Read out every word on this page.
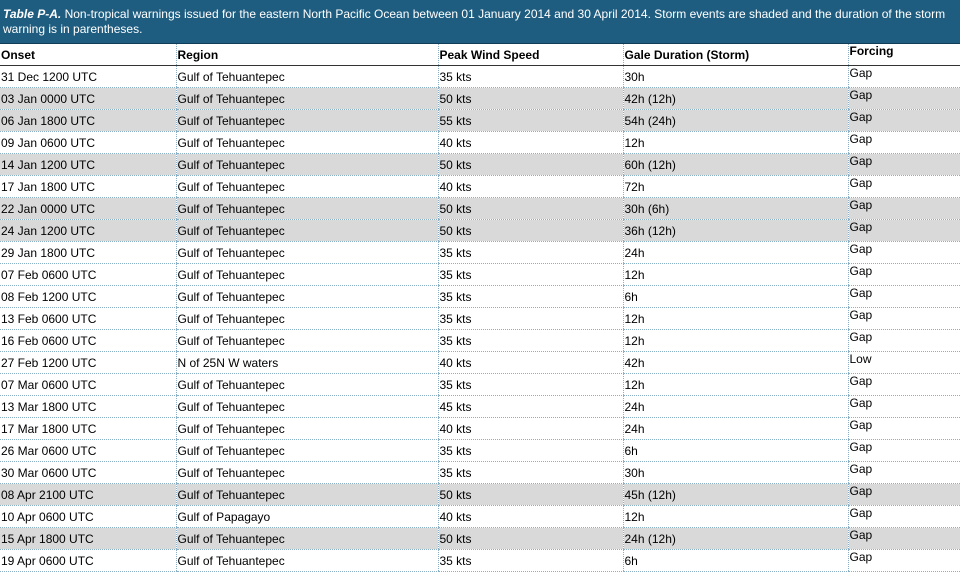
Table P-A. Non-tropical warnings issued for the eastern North Pacific Ocean between 01 January 2014 and 30 April 2014. Storm events are shaded and the duration of the storm warning is in parentheses.
Onset	Region	Peak Wind Speed	Gale Duration (Storm)	Forcing
31 Dec 1200 UTC	Gulf of Tehuantepec	35 kts	30h	Gap
03 Jan 0000 UTC	Gulf of Tehuantepec	50 kts	42h (12h)	Gap
06 Jan 1800 UTC	Gulf of Tehuantepec	55 kts	54h (24h)	Gap
09 Jan 0600 UTC	Gulf of Tehuantepec	40 kts	12h	Gap
14 Jan 1200 UTC	Gulf of Tehuantepec	50 kts	60h (12h)	Gap
17 Jan 1800 UTC	Gulf of Tehuantepec	40 kts	72h	Gap
22 Jan 0000 UTC	Gulf of Tehuantepec	50 kts	30h (6h)	Gap
24 Jan 1200 UTC	Gulf of Tehuantepec	50 kts	36h (12h)	Gap
29 Jan 1800 UTC	Gulf of Tehuantepec	35 kts	24h	Gap
07 Feb 0600 UTC	Gulf of Tehuantepec	35 kts	12h	Gap
08 Feb 1200 UTC	Gulf of Tehuantepec	35 kts	6h	Gap
13 Feb 0600 UTC	Gulf of Tehuantepec	35 kts	12h	Gap
16 Feb 0600 UTC	Gulf of Tehuantepec	35 kts	12h	Gap
27 Feb 1200 UTC	N of 25N W waters	40 kts	42h	Low
07 Mar 0600 UTC	Gulf of Tehuantepec	35 kts	12h	Gap
13 Mar 1800 UTC	Gulf of Tehuantepec	45 kts	24h	Gap
17 Mar 1800 UTC	Gulf of Tehuantepec	40 kts	24h	Gap
26 Mar 0600 UTC	Gulf of Tehuantepec	35 kts	6h	Gap
30 Mar 0600 UTC	Gulf of Tehuantepec	35 kts	30h	Gap
08 Apr 2100 UTC	Gulf of Tehuantepec	50 kts	45h (12h)	Gap
10 Apr 0600 UTC	Gulf of Papagayo	40 kts	12h	Gap
15 Apr 1800 UTC	Gulf of Tehuantepec	50 kts	24h (12h)	Gap
19 Apr 0600 UTC	Gulf of Tehuantepec	35 kts	6h	Gap
